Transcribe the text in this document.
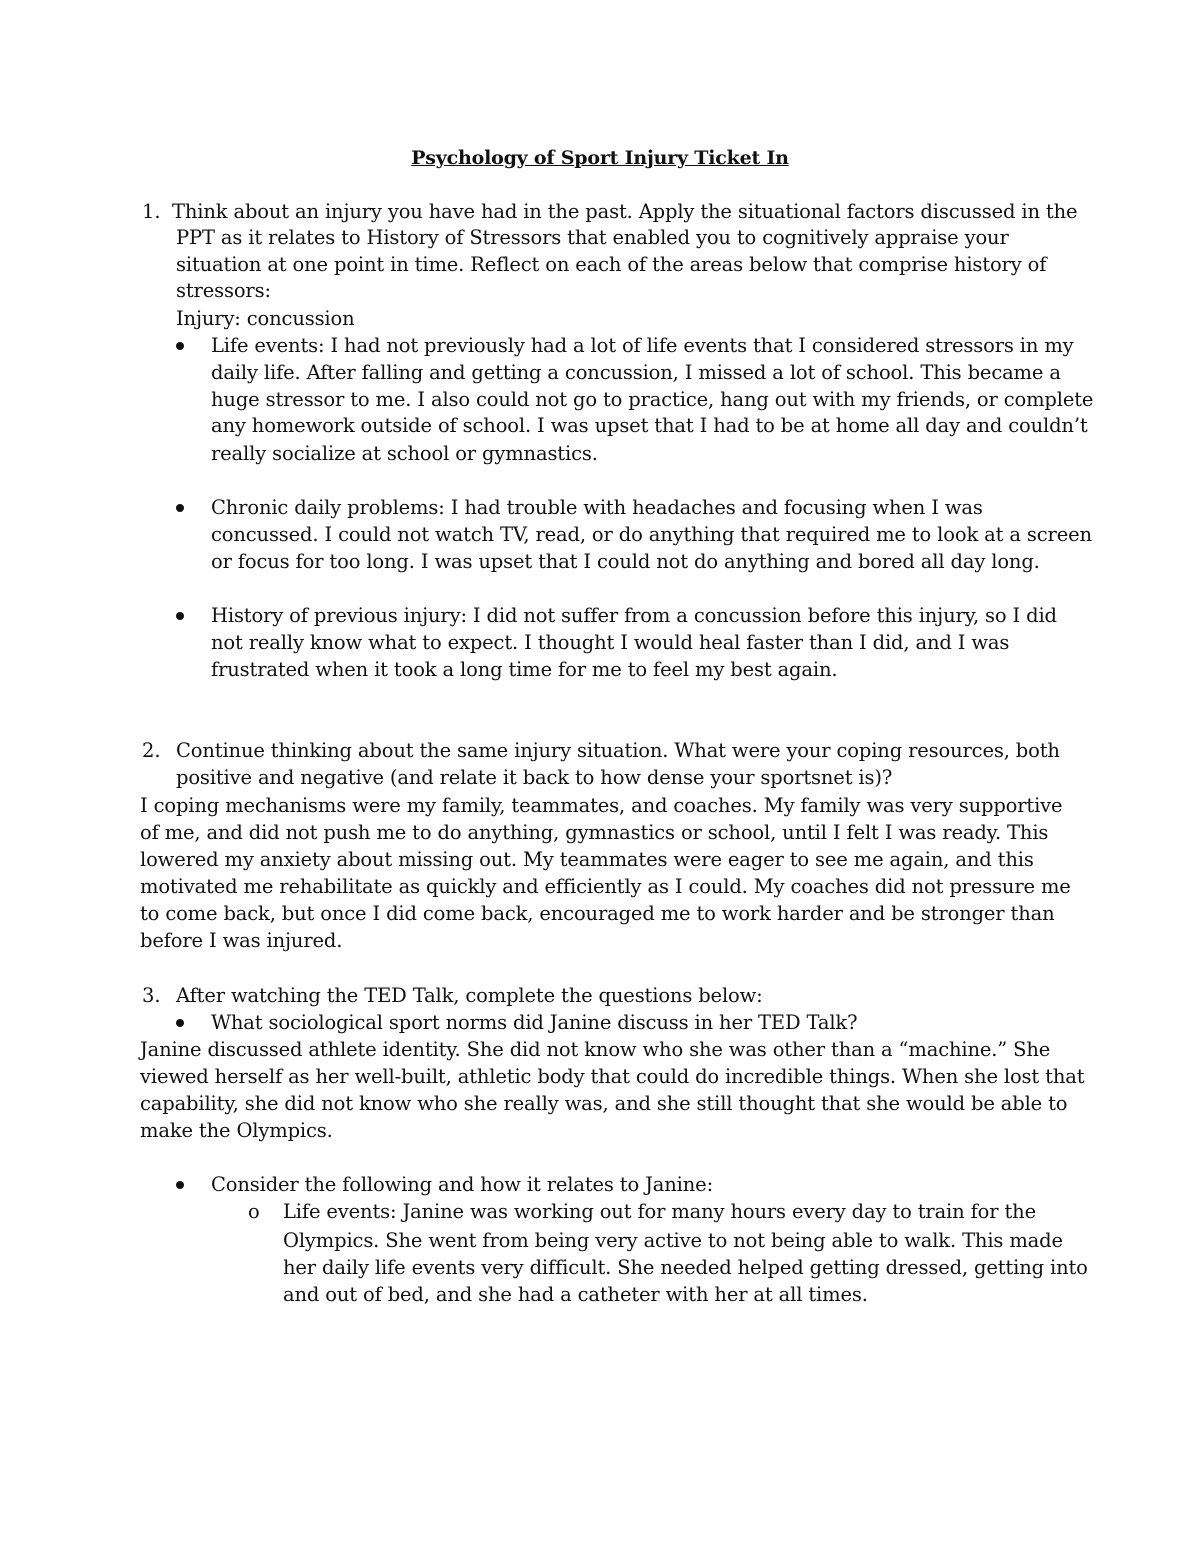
Psychology of Sport Injury Ticket In
1. Think about an injury you have had in the past. Apply the situational factors discussed in the
PPT as it relates to History of Stressors that enabled you to cognitively appraise your
situation at one point in time. Reflect on each of the areas below that comprise history of
stressors:
Injury: concussion
Life events: I had not previously had a lot of life events that I considered stressors in my
daily life. After falling and getting a concussion, I missed a lot of school. This became a
huge stressor to me. I also could not go to practice, hang out with my friends, or complete
any homework outside of school. I was upset that I had to be at home all day and couldn’t
really socialize at school or gymnastics.
Chronic daily problems: I had trouble with headaches and focusing when I was
concussed. I could not watch TV, read, or do anything that required me to look at a screen
or focus for too long. I was upset that I could not do anything and bored all day long.
History of previous injury: I did not suffer from a concussion before this injury, so I did
not really know what to expect. I thought I would heal faster than I did, and I was
frustrated when it took a long time for me to feel my best again.
2. Continue thinking about the same injury situation. What were your coping resources, both
positive and negative (and relate it back to how dense your sportsnet is)?
I coping mechanisms were my family, teammates, and coaches. My family was very supportive
of me, and did not push me to do anything, gymnastics or school, until I felt I was ready. This
lowered my anxiety about missing out. My teammates were eager to see me again, and this
motivated me rehabilitate as quickly and efficiently as I could. My coaches did not pressure me
to come back, but once I did come back, encouraged me to work harder and be stronger than
before I was injured.
3. After watching the TED Talk, complete the questions below:
What sociological sport norms did Janine discuss in her TED Talk?
Janine discussed athlete identity. She did not know who she was other than a “machine.” She
viewed herself as her well-built, athletic body that could do incredible things. When she lost that
capability, she did not know who she really was, and she still thought that she would be able to
make the Olympics.
Consider the following and how it relates to Janine:
o Life events: Janine was working out for many hours every day to train for the
Olympics. She went from being very active to not being able to walk. This made
her daily life events very difficult. She needed helped getting dressed, getting into
and out of bed, and she had a catheter with her at all times.
